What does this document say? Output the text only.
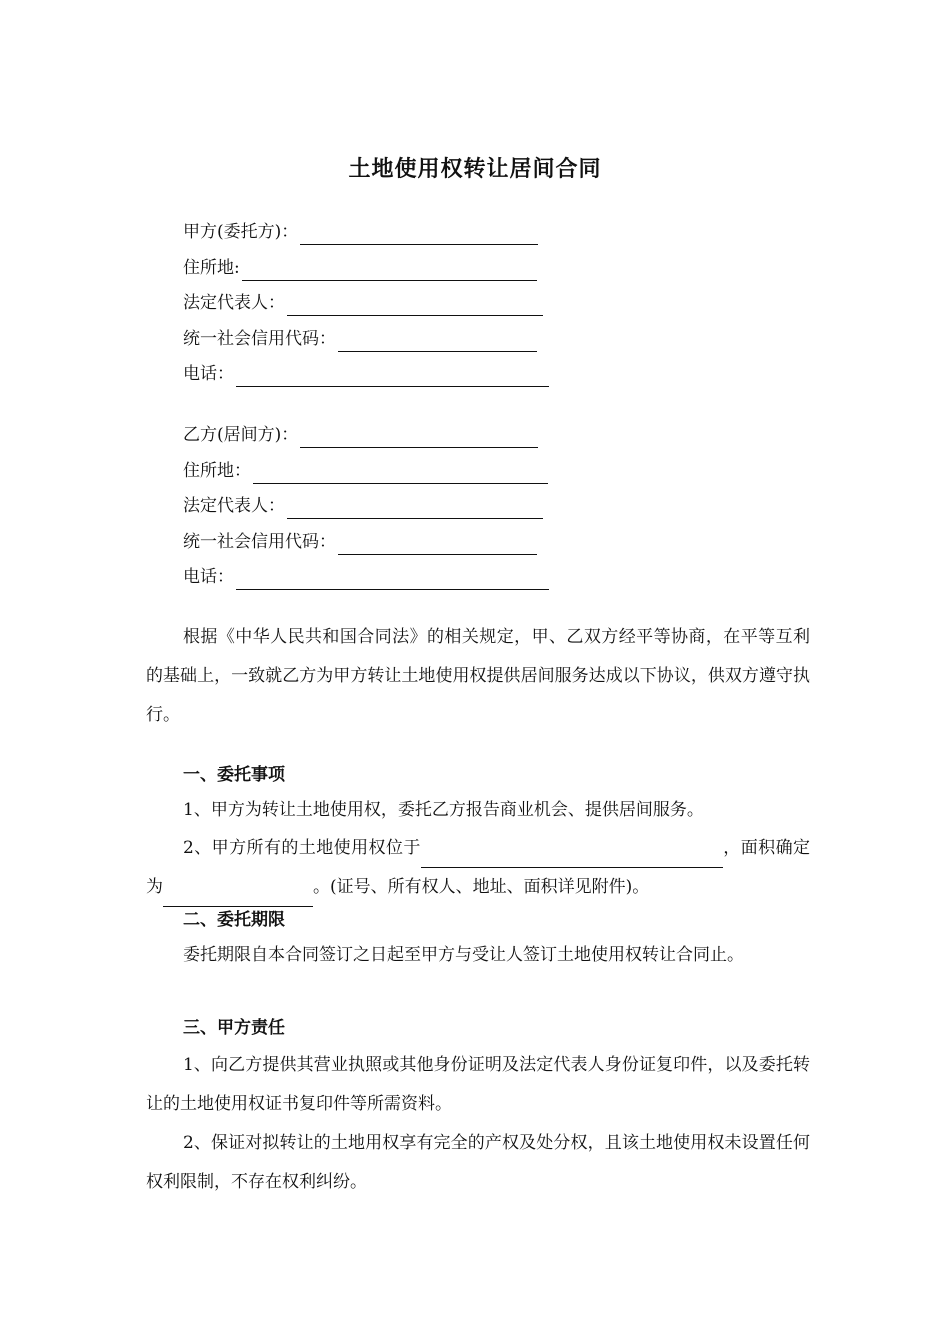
土地使用权转让居间合同
甲方(委托方)：
住所地:
法定代表人：
统一社会信用代码：
电话：
乙方(居间方)：
住所地：
法定代表人：
统一社会信用代码：
电话：
根据《中华人民共和国合同法》的相关规定，甲、乙双方经平等协商，在平等互利的基础上，一致就乙方为甲方转让土地使用权提供居间服务达成以下协议，供双方遵守执行。
一、委托事项
1、甲方为转让土地使用权，委托乙方报告商业机会、提供居间服务。
2、甲方所有的土地使用权位于	，面积确定为	。(证号、所有权人、地址、面积详见附件)。
二、委托期限
委托期限自本合同签订之日起至甲方与受让人签订土地使用权转让合同止。
三、甲方责任
1、向乙方提供其营业执照或其他身份证明及法定代表人身份证复印件，以及委托转让的土地使用权证书复印件等所需资料。
2、保证对拟转让的土地用权享有完全的产权及处分权，且该土地使用权未设置任何权利限制，不存在权利纠纷。
